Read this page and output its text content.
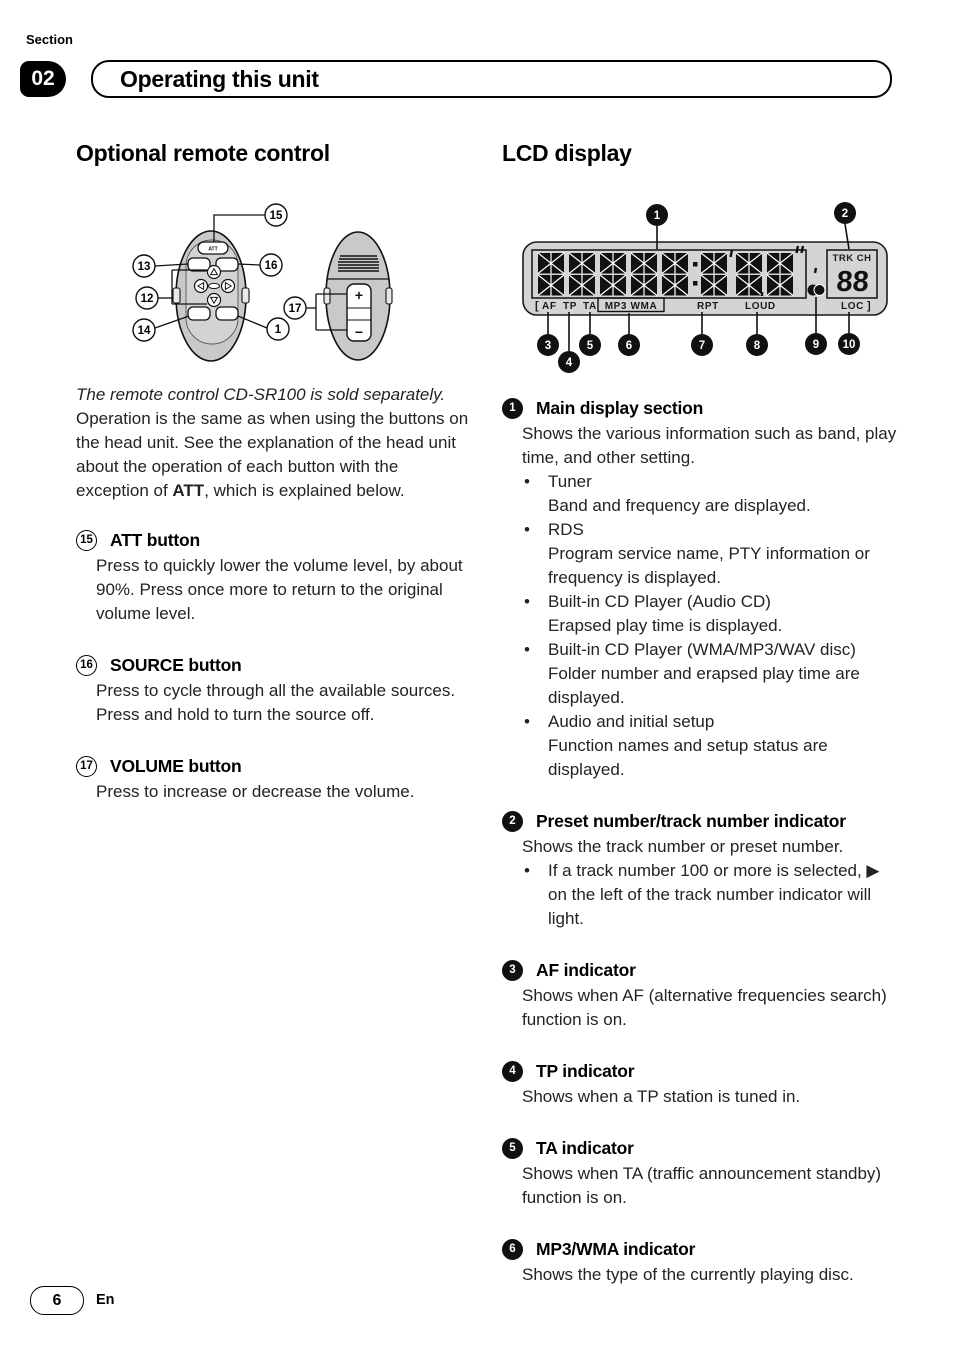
Section
02	Operating this unit
Optional remote control	LCD display
ATT
+
−
15
13	16
12
14	1
17
TRK CH
88
[ AF TP TA MP3 WMA	RPT	LOUD	LOC ]
1	2
3
4
5	6	7	8	9 10

The remote control CD-SR100 is sold separately.
Operation is the same as when using the buttons on the head unit. See the explanation of the head unit about the operation of each button with the exception of ATT, which is explained below.

15 ATT button

Press to quickly lower the volume level, by about 90%. Press once more to return to the original volume level.

16 SOURCE button

Press to cycle through all the available sources. Press and hold to turn the source off.

17 VOLUME button

Press to increase or decrease the volume.

1	Main display section

Shows the various information such as band, play time, and other setting.

• Tuner
Band and frequency are displayed.
• RDS
Program service name, PTY information or frequency is displayed.
• Built-in CD Player (Audio CD)
Erapsed play time is displayed.
• Built-in CD Player (WMA/MP3/WAV disc)
Folder number and erapsed play time are displayed.
• Audio and initial setup
Function names and setup status are displayed.
2	Preset number/track number indicator

Shows the track number or preset number.

• If a track number 100 or more is selected, ▶ on the left of the track number indicator will light.
3	AF indicator

Shows when AF (alternative frequencies search) function is on.

4	TP indicator

Shows when a TP station is tuned in.

5	TA indicator

Shows when TA (traffic announcement standby) function is on.

6	MP3/WMA indicator

Shows the type of the currently playing disc.

6 En
